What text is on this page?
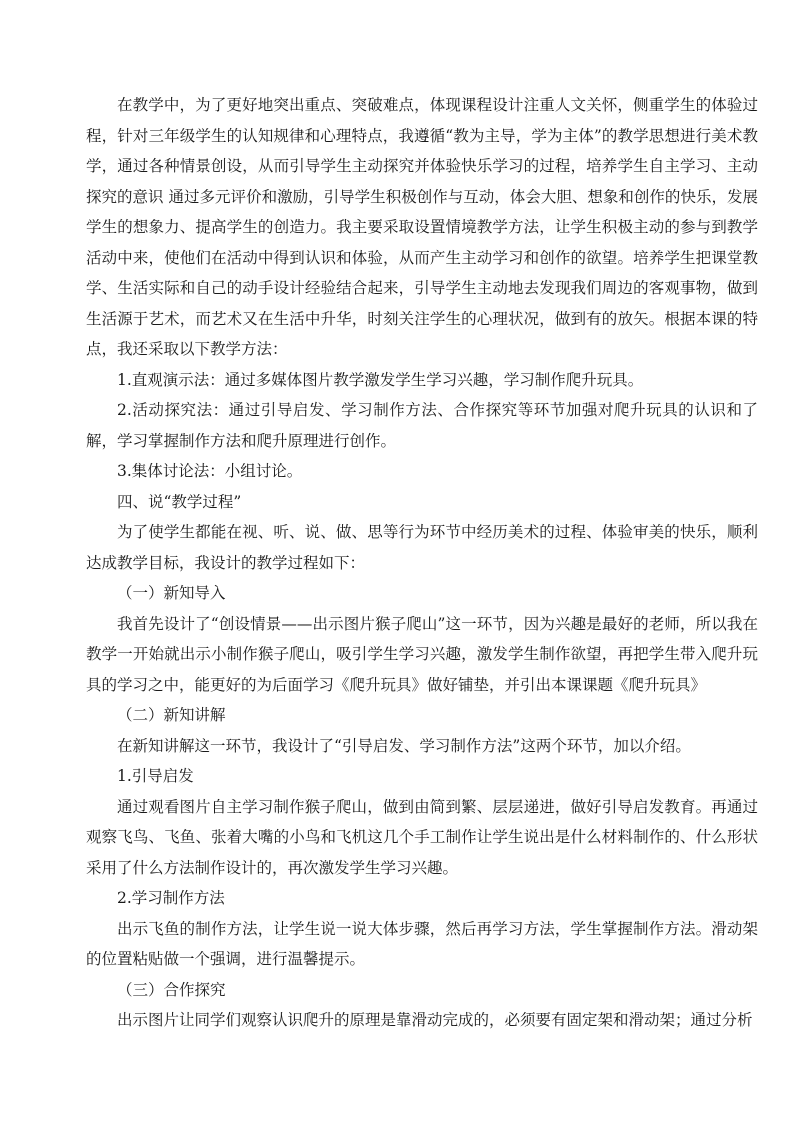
在教学中，为了更好地突出重点、突破难点，体现课程设计注重人文关怀，侧重学生的体验过程，针对三年级学生的认知规律和心理特点，我遵循“教为主导，学为主体”的教学思想进行美术教学，通过各种情景创设，从而引导学生主动探究并体验快乐学习的过程，培养学生自主学习、主动探究的意识 通过多元评价和激励，引导学生积极创作与互动，体会大胆、想象和创作的快乐，发展学生的想象力、提高学生的创造力。我主要采取设置情境教学方法，让学生积极主动的参与到教学活动中来，使他们在活动中得到认识和体验，从而产生主动学习和创作的欲望。培养学生把课堂教学、生活实际和自己的动手设计经验结合起来，引导学生主动地去发现我们周边的客观事物，做到生活源于艺术，而艺术又在生活中升华，时刻关注学生的心理状况，做到有的放矢。根据本课的特点，我还采取以下教学方法：

1.直观演示法：通过多媒体图片教学激发学生学习兴趣，学习制作爬升玩具。

2.活动探究法：通过引导启发、学习制作方法、合作探究等环节加强对爬升玩具的认识和了解，学习掌握制作方法和爬升原理进行创作。

3.集体讨论法：小组讨论。

四、说“教学过程”

为了使学生都能在视、听、说、做、思等行为环节中经历美术的过程、体验审美的快乐，顺利达成教学目标，我设计的教学过程如下：

（一）新知导入

我首先设计了“创设情景——出示图片猴子爬山”这一环节，因为兴趣是最好的老师，所以我在教学一开始就出示小制作猴子爬山，吸引学生学习兴趣，激发学生制作欲望，再把学生带入爬升玩具的学习之中，能更好的为后面学习《爬升玩具》做好铺垫，并引出本课课题《爬升玩具》

（二）新知讲解

在新知讲解这一环节，我设计了“引导启发、学习制作方法”这两个环节，加以介绍。

1.引导启发

通过观看图片自主学习制作猴子爬山，做到由简到繁、层层递进，做好引导启发教育。再通过观察飞鸟、飞鱼、张着大嘴的小鸟和飞机这几个手工制作让学生说出是什么材料制作的、什么形状采用了什么方法制作设计的，再次激发学生学习兴趣。

2.学习制作方法

出示飞鱼的制作方法，让学生说一说大体步骤，然后再学习方法，学生掌握制作方法。滑动架的位置粘贴做一个强调，进行温馨提示。

（三）合作探究

出示图片让同学们观察认识爬升的原理是靠滑动完成的，必须要有固定架和滑动架；通过分析
